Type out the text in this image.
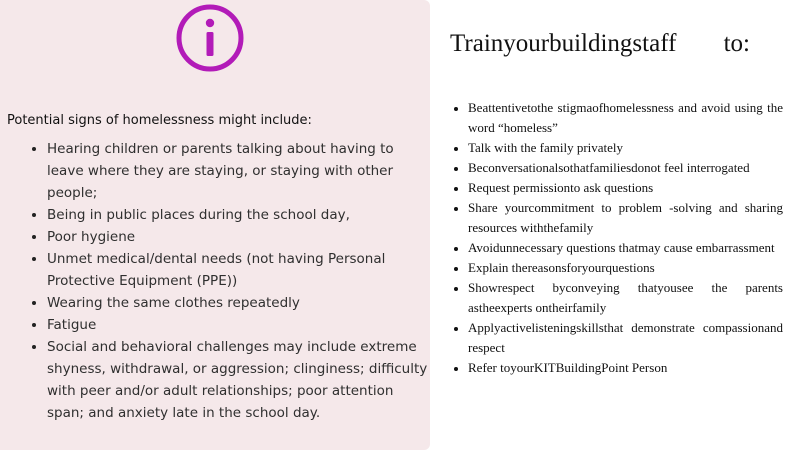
Potential signs of homelessness might include:
• Hearing children or parents talking about having to leave where they are staying, or staying with other people;
• Being in public places during the school day,
• Poor hygiene
• Unmet medical/dental needs (not having Personal Protective Equipment (PPE))
• Wearing the same clothes repeatedly
• Fatigue
• Social and behavioral challenges may include extreme shyness, withdrawal, or aggression; clinginess; difficulty with peer and/or adult relationships; poor attention span; and anxiety late in the school day.
Trainyourbuildingstaff to:
• Beattentivetothe stigmaofhomelessness and avoid using the word “homeless”
• Talk with the family privately
• Beconversationalsothatfamiliesdonot feel interrogated
• Request permissionto ask questions
• Share yourcommitment to problem -solving and sharing resources withthefamily
• Avoidunnecessary questions thatmay cause embarrassment
• Explain thereasonsforyourquestions
• Showrespect byconveying thatyousee the parents astheexperts ontheirfamily
• Applyactivelisteningskillsthat demonstrate compassionand respect
• Refer toyourKITBuildingPoint Person
